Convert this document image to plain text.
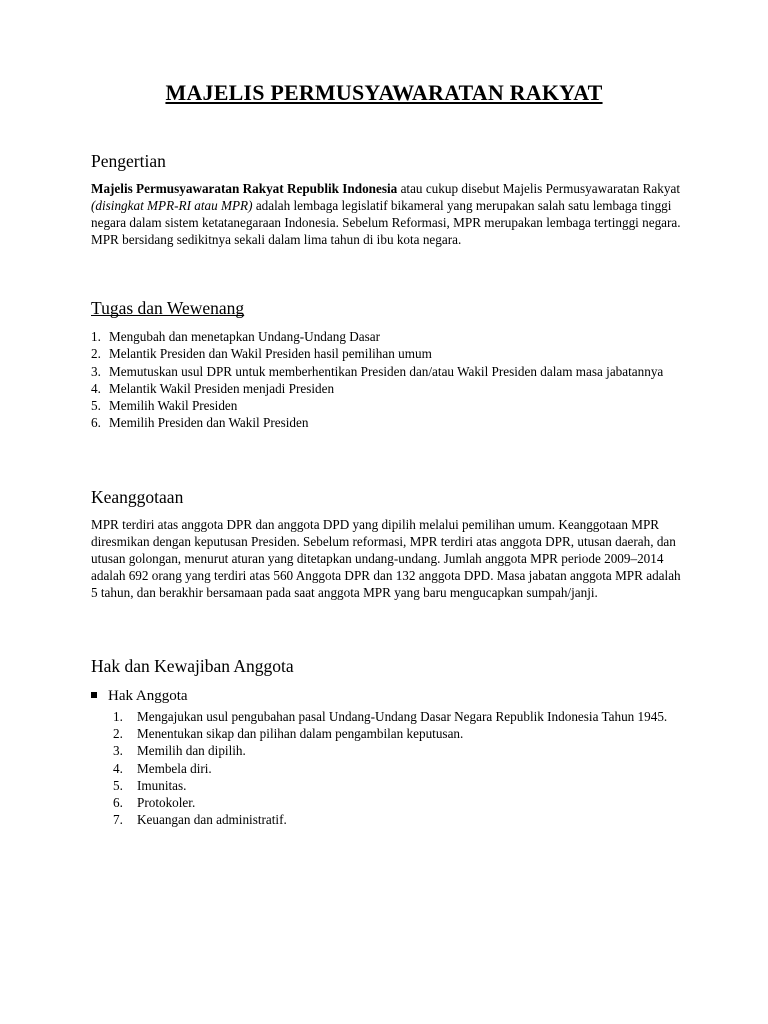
MAJELIS PERMUSYAWARATAN RAKYAT
Pengertian

Majelis Permusyawaratan Rakyat Republik Indonesia atau cukup disebut Majelis Permusyawaratan Rakyat (disingkat MPR-RI atau MPR) adalah lembaga legislatif bikameral yang merupakan salah satu lembaga tinggi negara dalam sistem ketatanegaraan Indonesia. Sebelum Reformasi, MPR merupakan lembaga tertinggi negara. MPR bersidang sedikitnya sekali dalam lima tahun di ibu kota negara.

Tugas dan Wewenang
1. Mengubah dan menetapkan Undang-Undang Dasar
2. Melantik Presiden dan Wakil Presiden hasil pemilihan umum
3. Memutuskan usul DPR untuk memberhentikan Presiden dan/atau Wakil Presiden dalam masa jabatannya
4. Melantik Wakil Presiden menjadi Presiden
5. Memilih Wakil Presiden
6. Memilih Presiden dan Wakil Presiden
Keanggotaan

MPR terdiri atas anggota DPR dan anggota DPD yang dipilih melalui pemilihan umum. Keanggotaan MPR diresmikan dengan keputusan Presiden. Sebelum reformasi, MPR terdiri atas anggota DPR, utusan daerah, dan utusan golongan, menurut aturan yang ditetapkan undang-undang. Jumlah anggota MPR periode 2009–2014 adalah 692 orang yang terdiri atas 560 Anggota DPR dan 132 anggota DPD. Masa jabatan anggota MPR adalah 5 tahun, dan berakhir bersamaan pada saat anggota MPR yang baru mengucapkan sumpah/janji.

Hak dan Kewajiban Anggota
Hak Anggota
1. Mengajukan usul pengubahan pasal Undang-Undang Dasar Negara Republik Indonesia Tahun 1945.
2. Menentukan sikap dan pilihan dalam pengambilan keputusan.
3. Memilih dan dipilih.
4. Membela diri.
5. Imunitas.
6. Protokoler.
7. Keuangan dan administratif.
